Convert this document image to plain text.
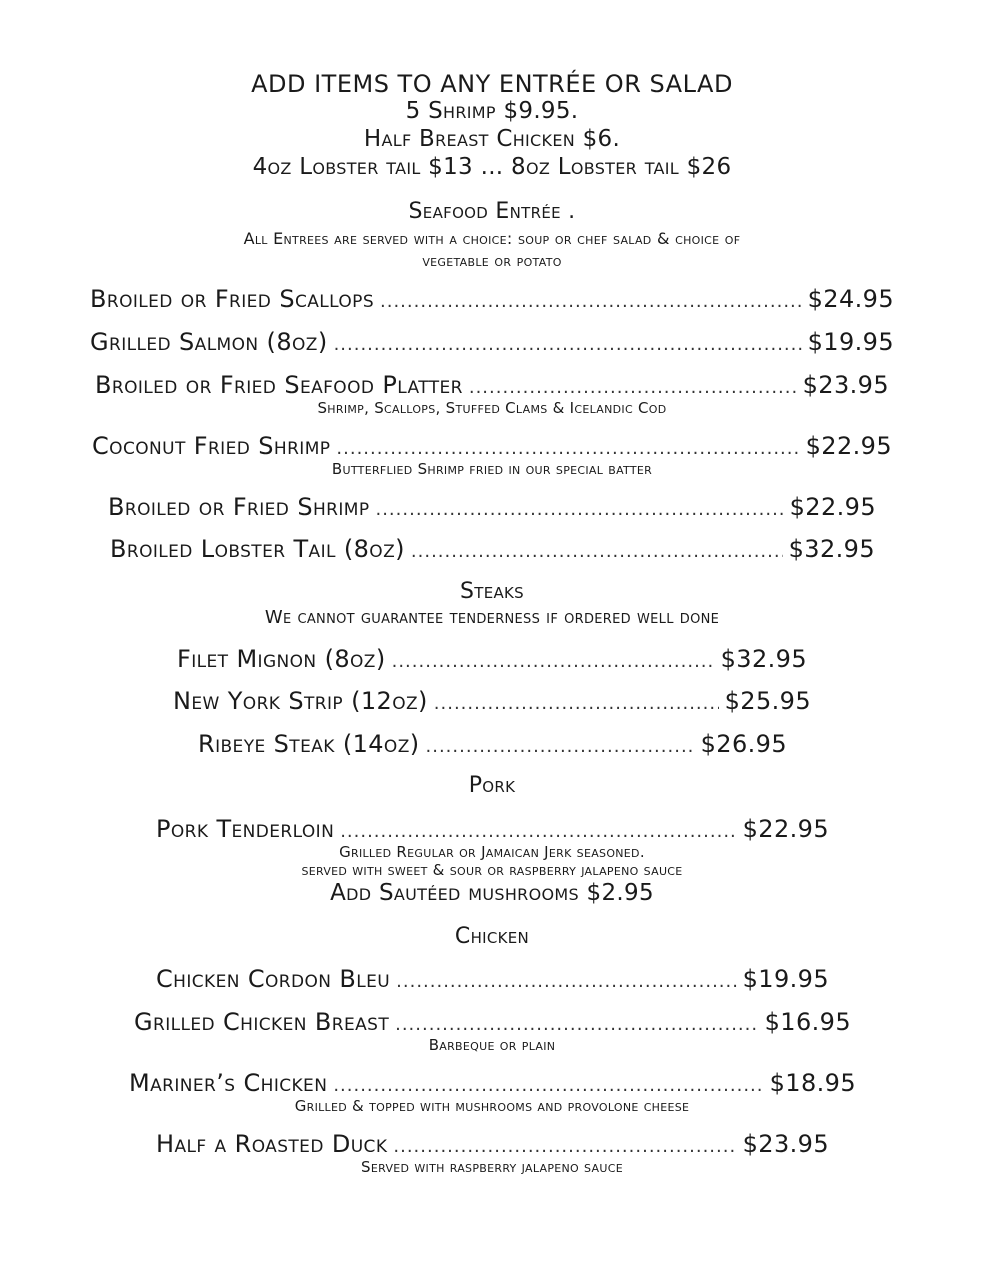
ADD ITEMS TO ANY ENTRÉE OR SALAD
5 Shrimp $9.95.
Half Breast Chicken $6.
4oz Lobster tail $13 ... 8oz Lobster tail $26
Seafood Entrée .
All Entrees are served with a choice: soup or chef salad & choice of
vegetable or potato
Broiled or Fried Scallops .....	$24.95
Grilled Salmon (8oz) .....	$19.95
Broiled or Fried Seafood Platter .....	$23.95
Shrimp, Scallops, Stuffed Clams & Icelandic Cod
Coconut Fried Shrimp .....	$22.95
Butterflied Shrimp fried in our special batter
Broiled or Fried Shrimp .....	$22.95
Broiled Lobster Tail (8oz) .....	$32.95
Steaks
We cannot guarantee tenderness if ordered well done
Filet Mignon (8oz) .....	$32.95
New York Strip (12oz) .....	$25.95
Ribeye Steak (14oz) .....	$26.95
Pork
Pork Tenderloin .....	$22.95
Grilled Regular or Jamaican Jerk seasoned.
served with sweet & sour or raspberry jalapeno sauce
Add Sautéed mushrooms $2.95
Chicken
Chicken Cordon Bleu .....	$19.95
Grilled Chicken Breast .....	$16.95
Barbeque or plain
Mariner’s Chicken .....	$18.95
Grilled & topped with mushrooms and provolone cheese
Half a Roasted Duck .....	$23.95
Served with raspberry jalapeno sauce
